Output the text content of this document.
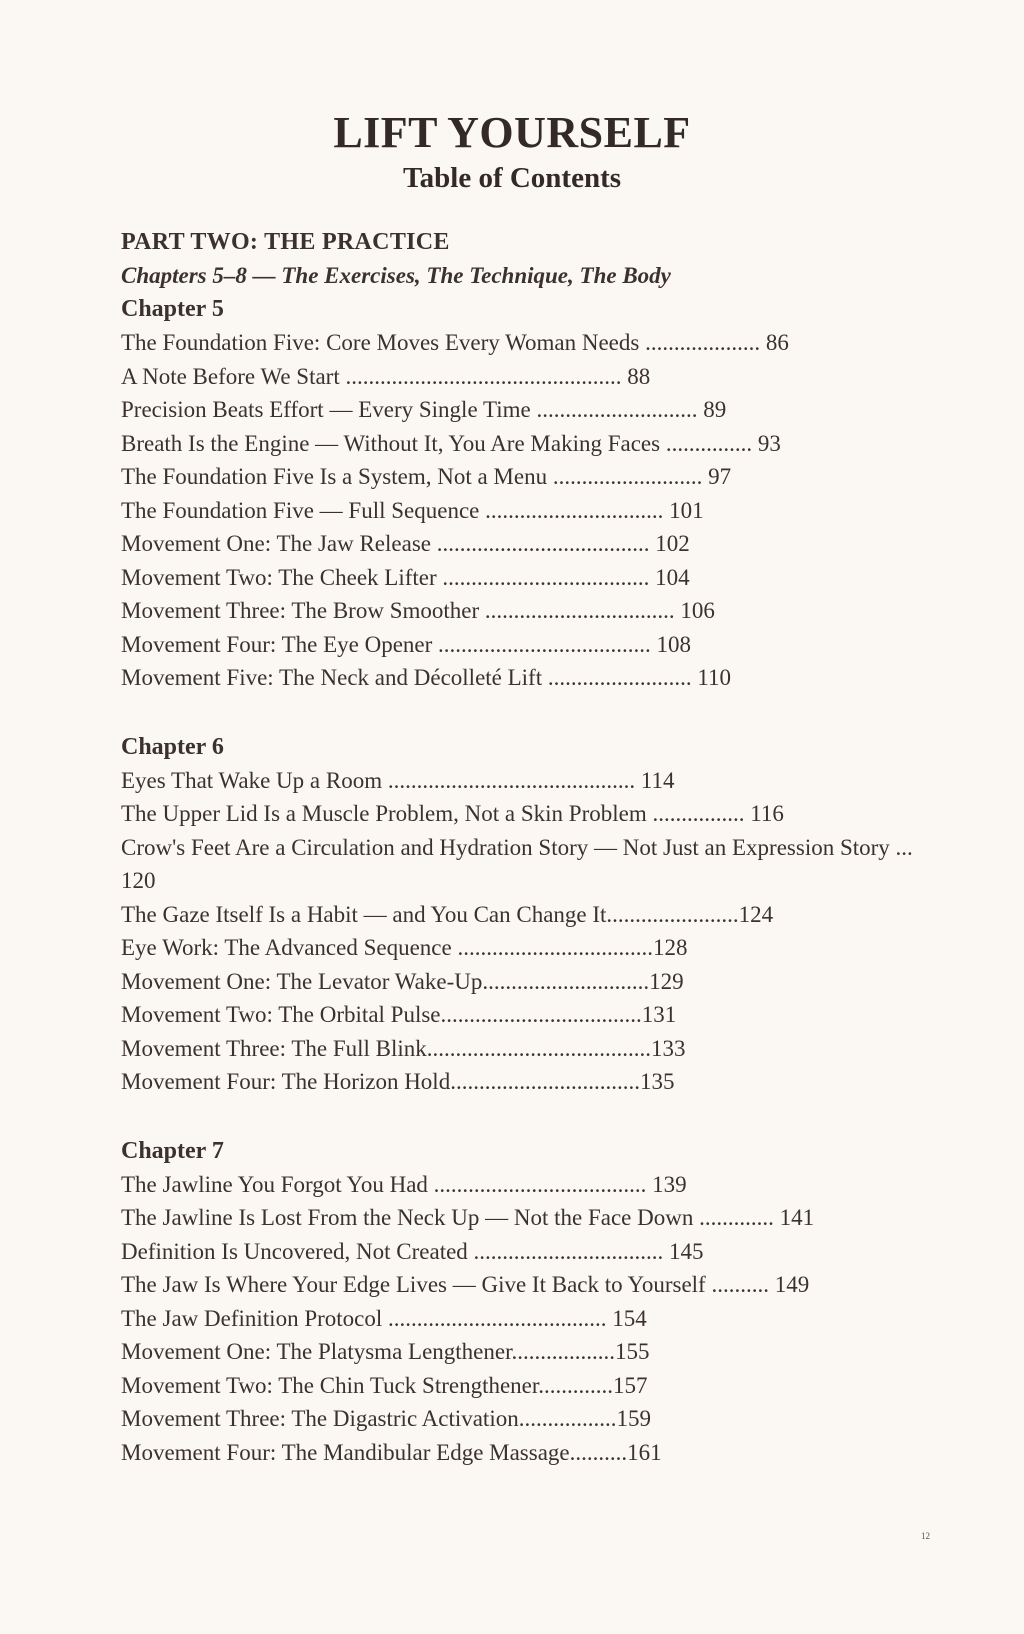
LIFT YOURSELF
Table of Contents
PART TWO: THE PRACTICE
Chapters 5–8 — The Exercises, The Technique, The Body
Chapter 5
The Foundation Five: Core Moves Every Woman Needs .................... 86
A Note Before We Start ................................................ 88
Precision Beats Effort — Every Single Time ............................ 89
Breath Is the Engine — Without It, You Are Making Faces ............... 93
The Foundation Five Is a System, Not a Menu .......................... 97
The Foundation Five — Full Sequence ............................... 101
Movement One: The Jaw Release ..................................... 102
Movement Two: The Cheek Lifter .................................... 104
Movement Three: The Brow Smoother ................................. 106
Movement Four: The Eye Opener ..................................... 108
Movement Five: The Neck and Décolleté Lift ......................... 110
Chapter 6
Eyes That Wake Up a Room ........................................... 114
The Upper Lid Is a Muscle Problem, Not a Skin Problem ................ 116
Crow's Feet Are a Circulation and Hydration Story — Not Just an Expression Story ... 120
The Gaze Itself Is a Habit — and You Can Change It.......................124
Eye Work: The Advanced Sequence ..................................128
Movement One: The Levator Wake-Up.............................129
Movement Two: The Orbital Pulse...................................131
Movement Three: The Full Blink.......................................133
Movement Four: The Horizon Hold.................................135
Chapter 7
The Jawline You Forgot You Had ..................................... 139
The Jawline Is Lost From the Neck Up — Not the Face Down ............. 141
Definition Is Uncovered, Not Created ................................. 145
The Jaw Is Where Your Edge Lives — Give It Back to Yourself .......... 149
The Jaw Definition Protocol ...................................... 154
Movement One: The Platysma Lengthener..................155
Movement Two: The Chin Tuck Strengthener.............157
Movement Three: The Digastric Activation.................159
Movement Four: The Mandibular Edge Massage..........161
12
